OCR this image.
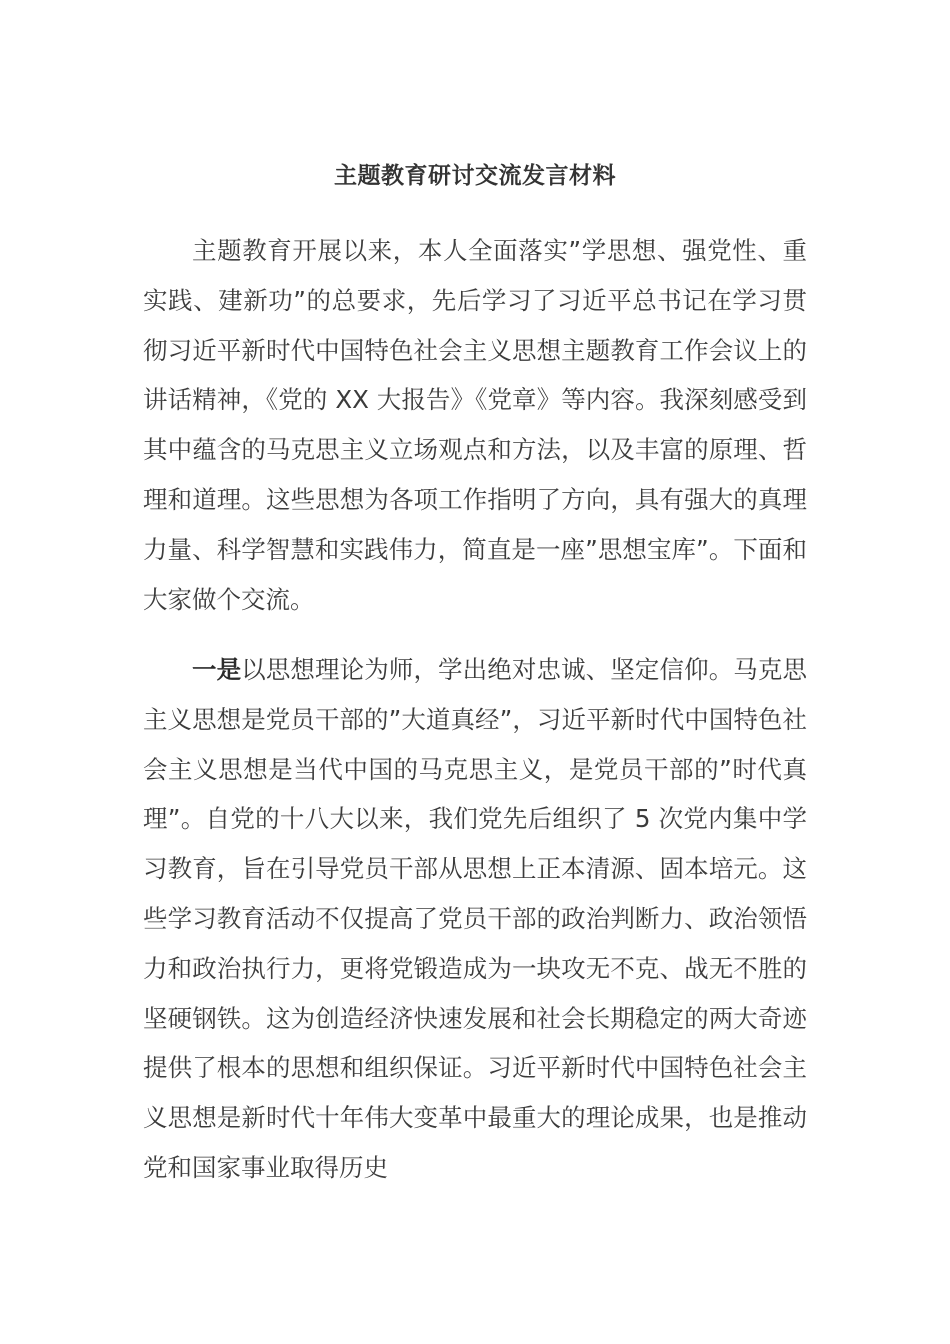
主题教育研讨交流发言材料

主题教育开展以来，本人全面落实”学思想、强党性、重实践、建新功”的总要求，先后学习了习近平总书记在学习贯彻习近平新时代中国特色社会主义思想主题教育工作会议上的讲话精神，《党的 XX 大报告》《党章》等内容。我深刻感受到其中蕴含的马克思主义立场观点和方法，以及丰富的原理、哲理和道理。这些思想为各项工作指明了方向，具有强大的真理力量、科学智慧和实践伟力，简直是一座”思想宝库”。下面和大家做个交流。

一是以思想理论为师，学出绝对忠诚、坚定信仰。马克思主义思想是党员干部的”大道真经”，习近平新时代中国特色社会主义思想是当代中国的马克思主义，是党员干部的”时代真理”。自党的十八大以来，我们党先后组织了 5 次党内集中学习教育，旨在引导党员干部从思想上正本清源、固本培元。这些学习教育活动不仅提高了党员干部的政治判断力、政治领悟力和政治执行力，更将党锻造成为一块攻无不克、战无不胜的坚硬钢铁。这为创造经济快速发展和社会长期稳定的两大奇迹提供了根本的思想和组织保证。习近平新时代中国特色社会主义思想是新时代十年伟大变革中最重大的理论成果，也是推动党和国家事业取得历史
